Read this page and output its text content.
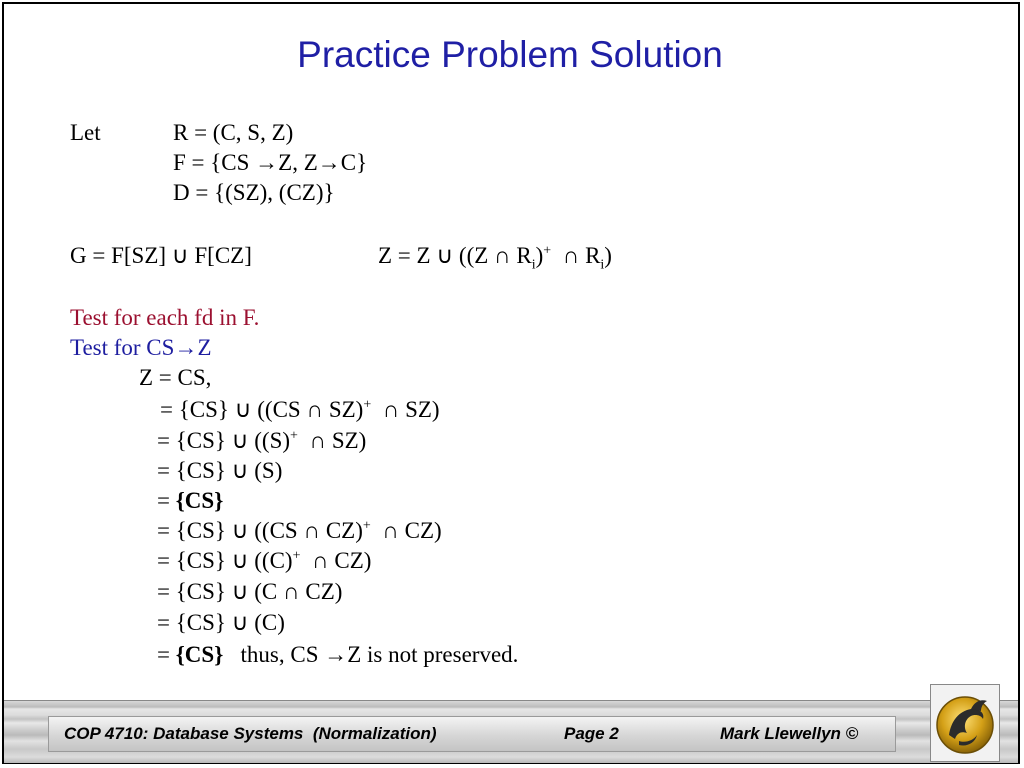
Practice Problem Solution
Let	R = (C, S, Z)
F = {CS →Z, Z→C}
D = {(SZ), (CZ)}
G = F[SZ] ∪ F[CZ]	Z = Z ∪ ((Z ∩ $R_i)^+$  ∩ $R_i$)
Test for each fd in F.
Test for CS→Z
Z = CS,
= {CS} ∪ ((CS ∩ SZ)+  ∩ SZ)
= {CS} ∪ ((S)+  ∩ SZ)
= {CS} ∪ (S)
= {CS}
= {CS} ∪ ((CS ∩ CZ)+  ∩ CZ)
= {CS} ∪ ((C)+  ∩ CZ)
= {CS} ∪ (C ∩ CZ)
= {CS} ∪ (C)
= {CS}   thus, CS →Z is not preserved.
COP 4710: Database Systems  (Normalization)	Page 2	Mark Llewellyn ©
